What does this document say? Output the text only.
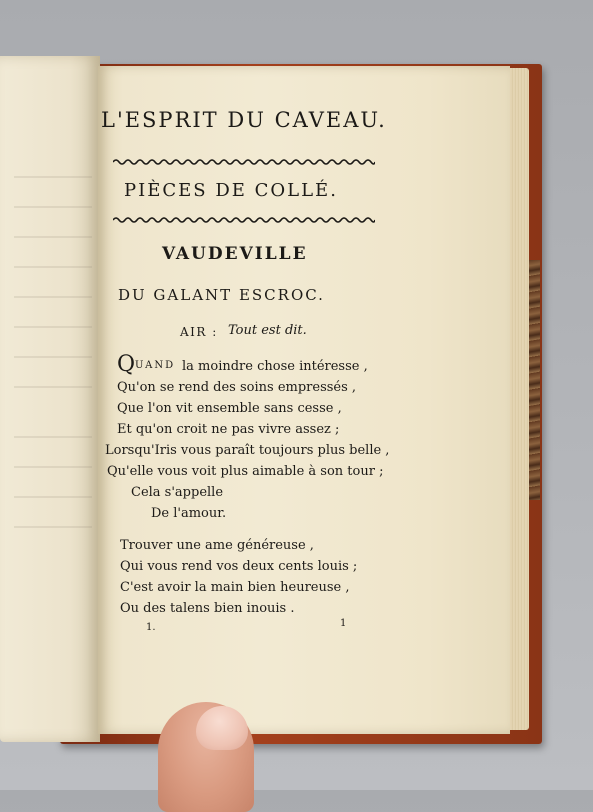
L'ESPRIT DU CAVEAU.
PIÈCES DE COLLÉ.
VAUDEVILLE
DU GALANT ESCROC.
AIR : Tout est dit.
Q UAND la moindre chose intéresse ,
Qu'on se rend des soins empressés ,
Que l'on vit ensemble sans cesse ,
Et qu'on croit ne pas vivre assez ;
Lorsqu'Iris vous paraît toujours plus belle ,
Qu'elle vous voit plus aimable à son tour ;
Cela s'appelle
De l'amour.
Trouver une ame généreuse ,
Qui vous rend vos deux cents louis ;
C'est avoir la main bien heureuse ,
Ou des talens bien inouis .
1.	1
